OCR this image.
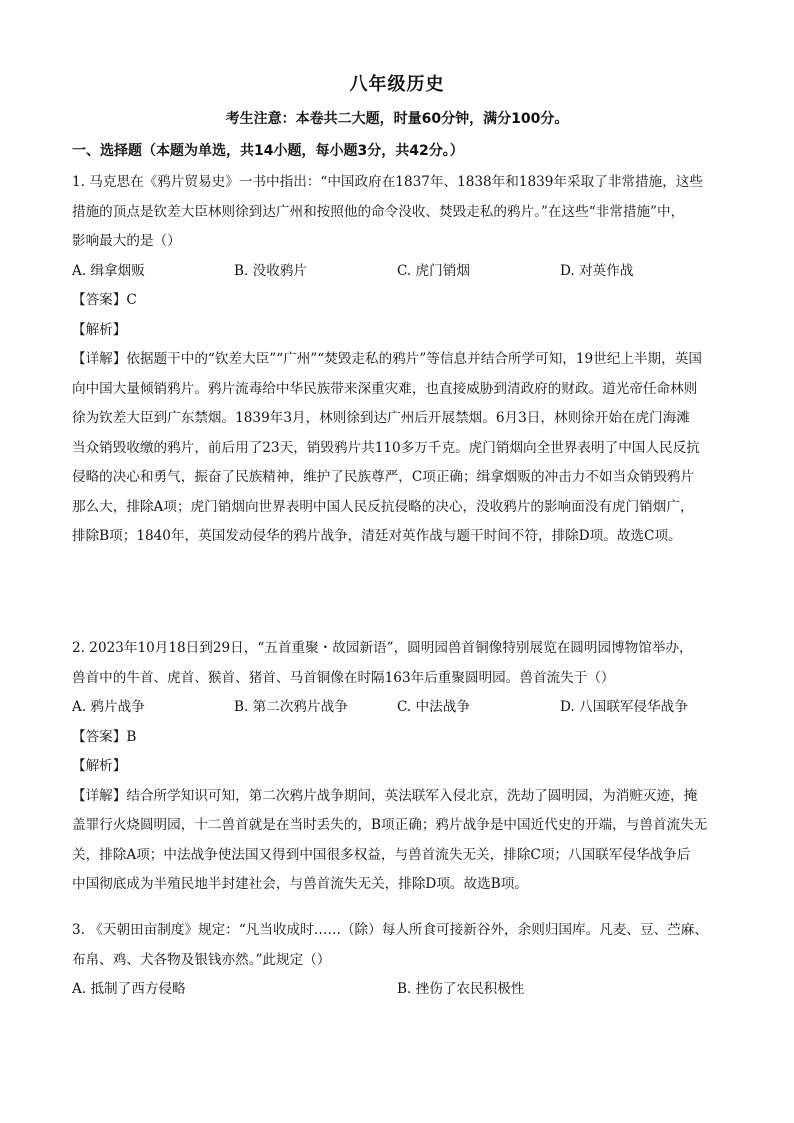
八年级历史
考生注意：本卷共二大题，时量60分钟，满分100分。
一、选择题（本题为单选，共14小题，每小题3分，共42分。）

1. 马克思在《鸦片贸易史》一书中指出：“中国政府在1837年、1838年和1839年采取了非常措施，这些

措施的顶点是钦差大臣林则徐到达广州和按照他的命令没收、焚毁走私的鸦片。”在这些“非常措施”中，

影响最大的是（）

A. 缉拿烟贩	B. 没收鸦片	C. 虎门销烟	D. 对英作战

【答案】C

【解析】

【详解】依据题干中的“钦差大臣”“广州”“焚毁走私的鸦片”等信息并结合所学可知，19世纪上半期，英国

向中国大量倾销鸦片。鸦片流毒给中华民族带来深重灾难，也直接威胁到清政府的财政。道光帝任命林则

徐为钦差大臣到广东禁烟。1839年3月，林则徐到达广州后开展禁烟。6月3日，林则徐开始在虎门海滩

当众销毁收缴的鸦片，前后用了23天，销毁鸦片共110多万千克。虎门销烟向全世界表明了中国人民反抗

侵略的决心和勇气，振奋了民族精神，维护了民族尊严，C项正确；缉拿烟贩的冲击力不如当众销毁鸦片

那么大，排除A项；虎门销烟向世界表明中国人民反抗侵略的决心，没收鸦片的影响面没有虎门销烟广，

排除B项；1840年，英国发动侵华的鸦片战争，清廷对英作战与题干时间不符，排除D项。故选C项。

2. 2023年10月18日到29日，“五首重聚・故园新语”，圆明园兽首铜像特别展览在圆明园博物馆举办，

兽首中的牛首、虎首、猴首、猪首、马首铜像在时隔163年后重聚圆明园。兽首流失于（）

A. 鸦片战争	B. 第二次鸦片战争	C. 中法战争	D. 八国联军侵华战争

【答案】B

【解析】

【详解】结合所学知识可知，第二次鸦片战争期间，英法联军入侵北京，洗劫了圆明园，为消赃灭迹，掩

盖罪行火烧圆明园，十二兽首就是在当时丢失的，B项正确；鸦片战争是中国近代史的开端，与兽首流失无

关，排除A项；中法战争使法国又得到中国很多权益，与兽首流失无关，排除C项；八国联军侵华战争后

中国彻底成为半殖民地半封建社会，与兽首流失无关，排除D项。故选B项。

3. 《天朝田亩制度》规定：“凡当收成时……（除）每人所食可接新谷外，余则归国库。凡麦、豆、苎麻、

布帛、鸡、犬各物及银钱亦然。”此规定（）

A. 抵制了西方侵略	B. 挫伤了农民积极性
